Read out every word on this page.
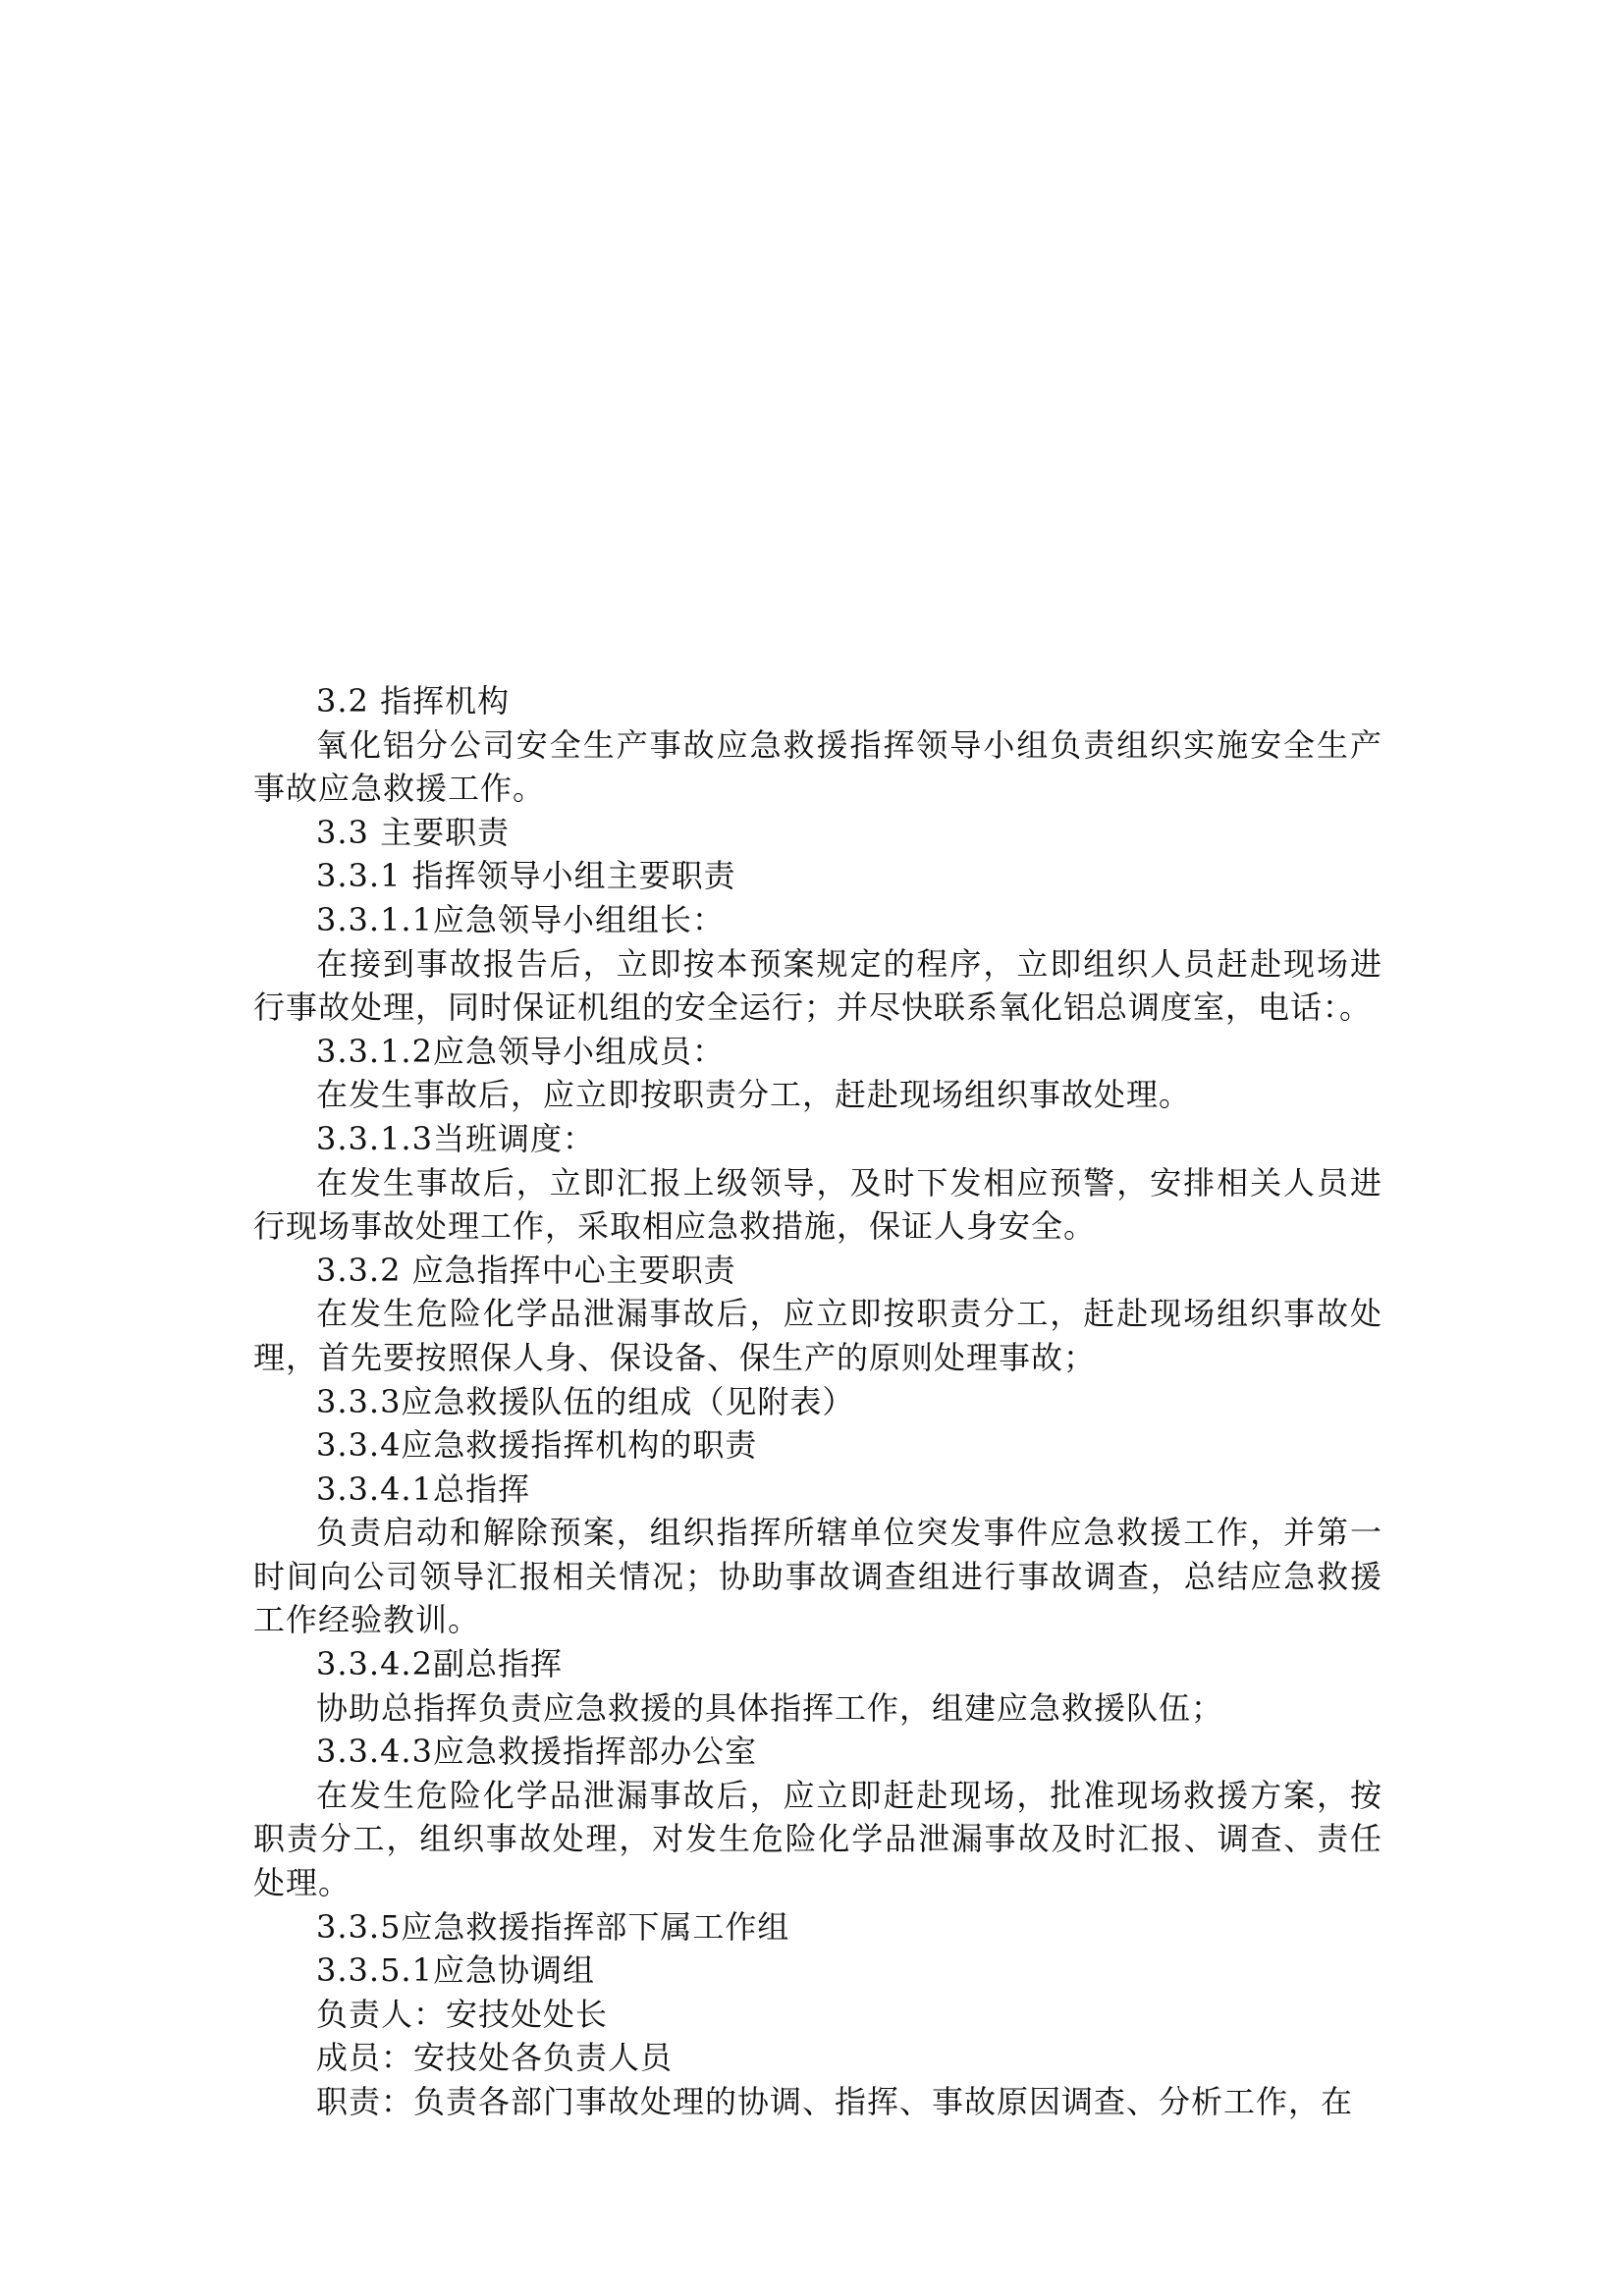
3.2 指挥机构

氧化铝分公司安全生产事故应急救援指挥领导小组负责组织实施安全生产事故应急救援工作。

3.3 主要职责

3.3.1 指挥领导小组主要职责

3.3.1.1应急领导小组组长：

在接到事故报告后，立即按本预案规定的程序，立即组织人员赶赴现场进行事故处理，同时保证机组的安全运行；并尽快联系氧化铝总调度室，电话：。

3.3.1.2应急领导小组成员：

在发生事故后，应立即按职责分工，赶赴现场组织事故处理。

3.3.1.3当班调度：

在发生事故后，立即汇报上级领导，及时下发相应预警，安排相关人员进行现场事故处理工作，采取相应急救措施，保证人身安全。

3.3.2 应急指挥中心主要职责

在发生危险化学品泄漏事故后，应立即按职责分工，赶赴现场组织事故处理，首先要按照保人身、保设备、保生产的原则处理事故；

3.3.3应急救援队伍的组成（见附表）

3.3.4应急救援指挥机构的职责

3.3.4.1总指挥

负责启动和解除预案，组织指挥所辖单位突发事件应急救援工作，并第一时间向公司领导汇报相关情况；协助事故调查组进行事故调查，总结应急救援工作经验教训。

3.3.4.2副总指挥

协助总指挥负责应急救援的具体指挥工作，组建应急救援队伍；

3.3.4.3应急救援指挥部办公室

在发生危险化学品泄漏事故后，应立即赶赴现场，批准现场救援方案，按职责分工，组织事故处理，对发生危险化学品泄漏事故及时汇报、调查、责任处理。

3.3.5应急救援指挥部下属工作组

3.3.5.1应急协调组

负责人：安技处处长

成员：安技处各负责人员

职责：负责各部门事故处理的协调、指挥、事故原因调查、分析工作，在
